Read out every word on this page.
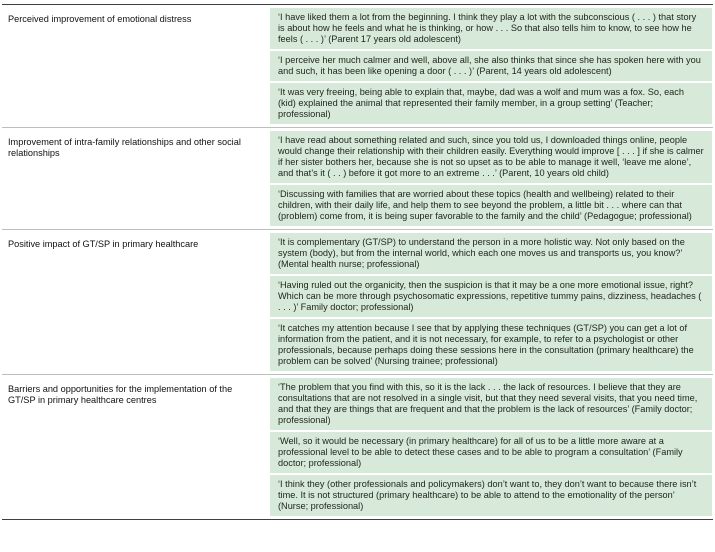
Perceived improvement of emotional distress	‘I have liked them a lot from the beginning. I think they play a lot with the subconscious ( . . . ) that story is about how he feels and what he is thinking, or how . . . So that also tells him to know, to see how he feels ( . . . )’ (Parent 17 years old adolescent)
‘I perceive her much calmer and well, above all, she also thinks that since she has spoken here with you and such, it has been like opening a door ( . . . )’ (Parent, 14 years old adolescent)
‘It was very freeing, being able to explain that, maybe, dad was a wolf and mum was a fox. So, each (kid) explained the animal that represented their family member, in a group setting’ (Teacher; professional)
Improvement of intra-family relationships and other social relationships
‘I have read about something related and such, since you told us, I downloaded things online, people would change their relationship with their children easily. Everything would improve [ . . . ] if she is calmer if her sister bothers her, because she is not so upset as to be able to manage it well, ‘leave me alone’, and that’s it ( . . ) before it got more to an extreme . . .’ (Parent, 10 years old child)
‘Discussing with families that are worried about these topics (health and wellbeing) related to their children, with their daily life, and help them to see beyond the problem, a little bit . . . where can that (problem) come from, it is being super favorable to the family and the child’ (Pedagogue; professional)
Positive impact of GT/SP in primary healthcare	‘It is complementary (GT/SP) to understand the person in a more holistic way. Not only based on the system (body), but from the internal world, which each one moves us and transports us, you know?’ (Mental health nurse; professional)
‘Having ruled out the organicity, then the suspicion is that it may be a one more emotional issue, right? Which can be more through psychosomatic expressions, repetitive tummy pains, dizziness, headaches ( . . . )’ Family doctor; professional)
‘It catches my attention because I see that by applying these techniques (GT/SP) you can get a lot of information from the patient, and it is not necessary, for example, to refer to a psychologist or other professionals, because perhaps doing these sessions here in the consultation (primary healthcare) the problem can be solved’ (Nursing trainee; professional)
Barriers and opportunities for the implementation of the GT/SP in primary healthcare centres
‘The problem that you find with this, so it is the lack . . . the lack of resources. I believe that they are consultations that are not resolved in a single visit, but that they need several visits, that you need time, and that they are things that are frequent and that the problem is the lack of resources’ (Family doctor; professional)
‘Well, so it would be necessary (in primary healthcare) for all of us to be a little more aware at a professional level to be able to detect these cases and to be able to program a consultation’ (Family doctor; professional)
‘I think they (other professionals and policymakers) don’t want to, they don’t want to because there isn’t time. It is not structured (primary healthcare) to be able to attend to the emotionality of the person’ (Nurse; professional)
